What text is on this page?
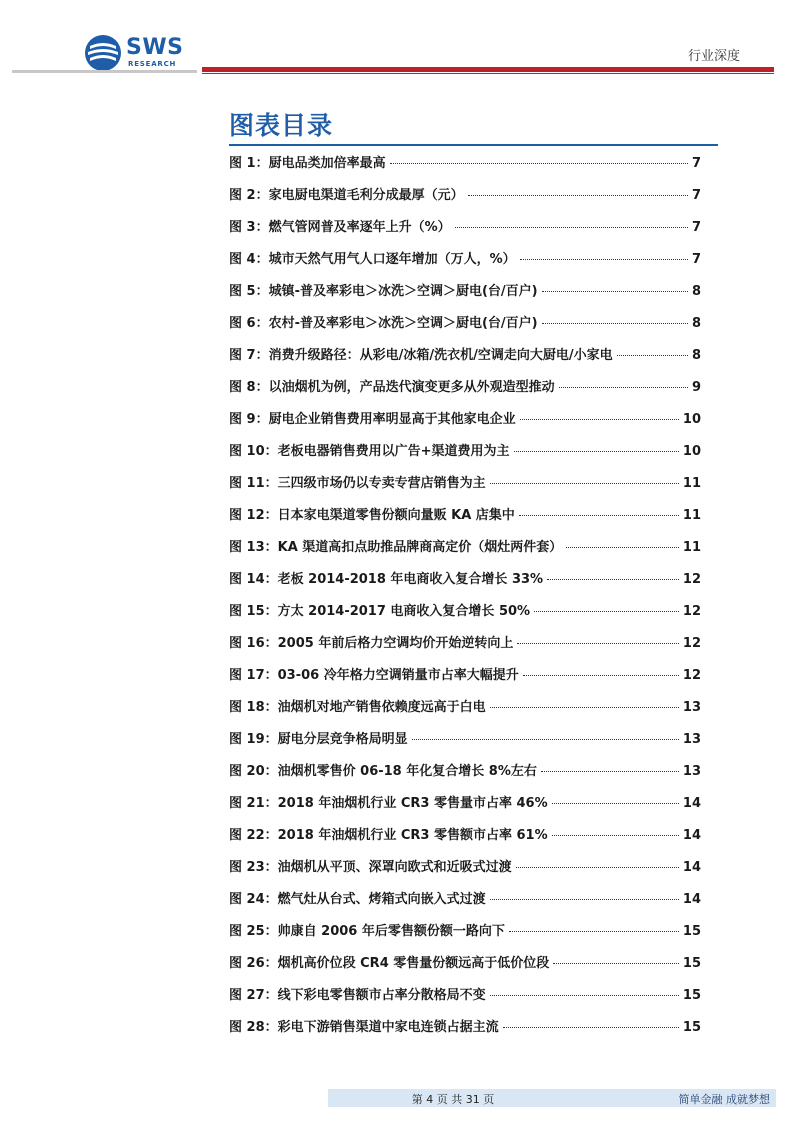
SWS
RESEARCH	行业深度
图表目录
图 1：厨电品类加倍率最高	7
图 2：家电厨电渠道毛利分成最厚（元）	7
图 3：燃气管网普及率逐年上升（%）	7
图 4：城市天然气用气人口逐年增加（万人，%）	7
图 5：城镇-普及率彩电＞冰洗＞空调＞厨电(台/百户)	8
图 6：农村-普及率彩电＞冰洗＞空调＞厨电(台/百户)	8
图 7：消费升级路径：从彩电/冰箱/洗衣机/空调走向大厨电/小家电	8
图 8：以油烟机为例，产品迭代演变更多从外观造型推动	9
图 9：厨电企业销售费用率明显高于其他家电企业	10
图 10：老板电器销售费用以广告+渠道费用为主	10
图 11：三四级市场仍以专卖专营店销售为主	11
图 12：日本家电渠道零售份额向量贩 KA 店集中	11
图 13：KA 渠道高扣点助推品牌商高定价（烟灶两件套）	11
图 14：老板 2014-2018 年电商收入复合增长 33%	12
图 15：方太 2014-2017 电商收入复合增长 50%	12
图 16：2005 年前后格力空调均价开始逆转向上	12
图 17：03-06 冷年格力空调销量市占率大幅提升	12
图 18：油烟机对地产销售依赖度远高于白电	13
图 19：厨电分层竞争格局明显	13
图 20：油烟机零售价 06-18 年化复合增长 8%左右	13
图 21：2018 年油烟机行业 CR3 零售量市占率 46%	14
图 22：2018 年油烟机行业 CR3 零售额市占率 61%	14
图 23：油烟机从平顶、深罩向欧式和近吸式过渡	14
图 24：燃气灶从台式、烤箱式向嵌入式过渡	14
图 25：帅康自 2006 年后零售额份额一路向下	15
图 26：烟机高价位段 CR4 零售量份额远高于低价位段	15
图 27：线下彩电零售额市占率分散格局不变	15
图 28：彩电下游销售渠道中家电连锁占据主流	15
第 4 页 共 31 页	简单金融 成就梦想
